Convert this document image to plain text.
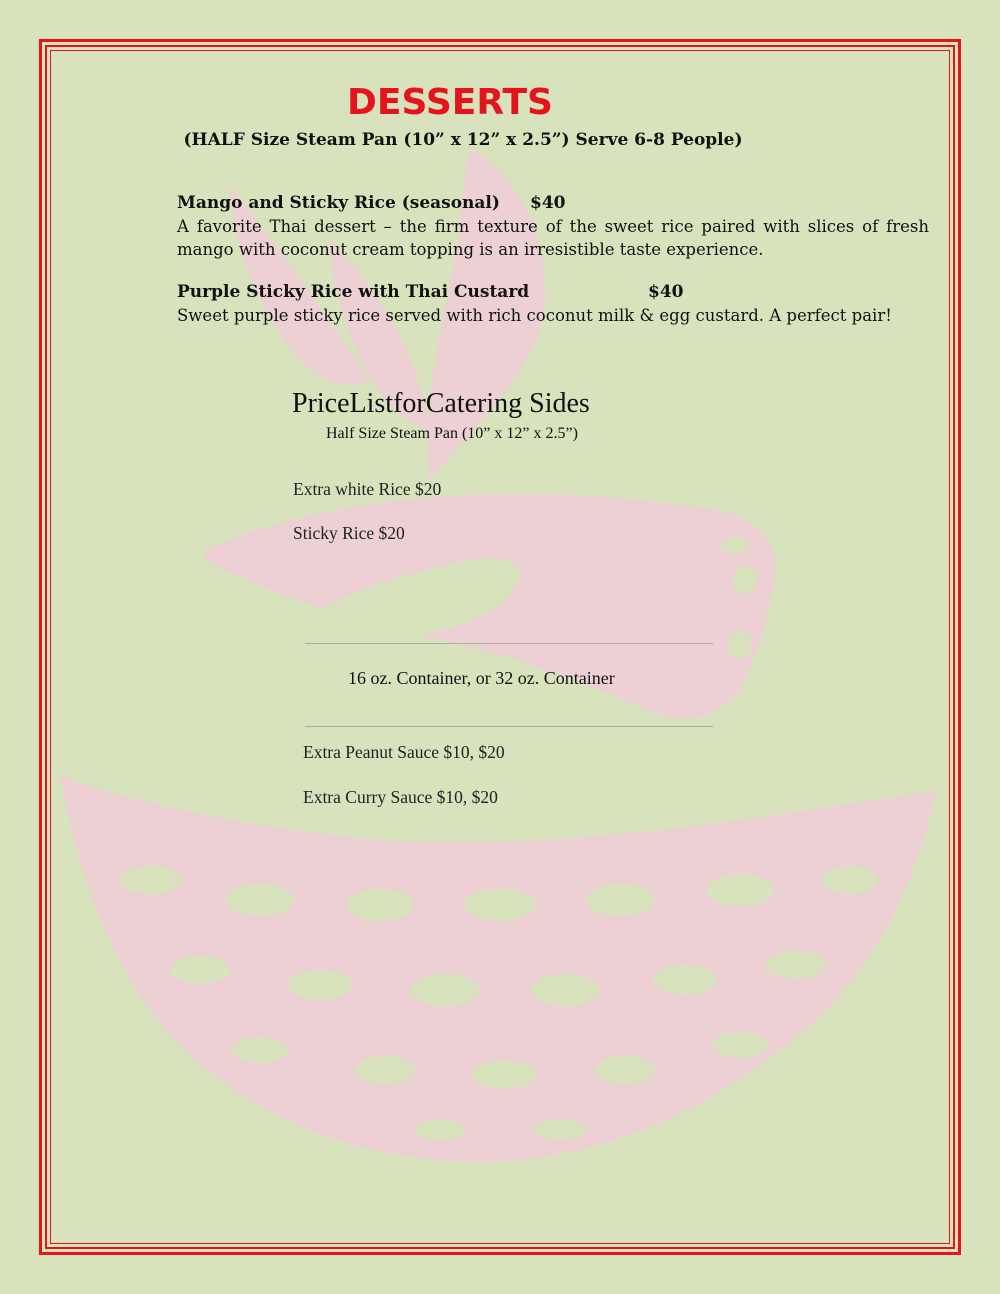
DESSERTS
(HALF Size Steam Pan (10” x 12” x 2.5”) Serve 6-8 People)
Mango and Sticky Rice (seasonal) $40
A favorite Thai dessert – the firm texture of the sweet rice paired with slices of fresh mango with coconut cream topping is an irresistible taste experience.
Purple Sticky Rice with Thai Custard	$40
Sweet purple sticky rice served with rich coconut milk & egg custard. A perfect pair!
PriceListforCatering Sides
Half Size Steam Pan (10” x 12” x 2.5”)
Extra white Rice $20
Sticky Rice $20
16 oz. Container, or 32 oz. Container
Extra Peanut Sauce $10, $20
Extra Curry Sauce $10, $20
